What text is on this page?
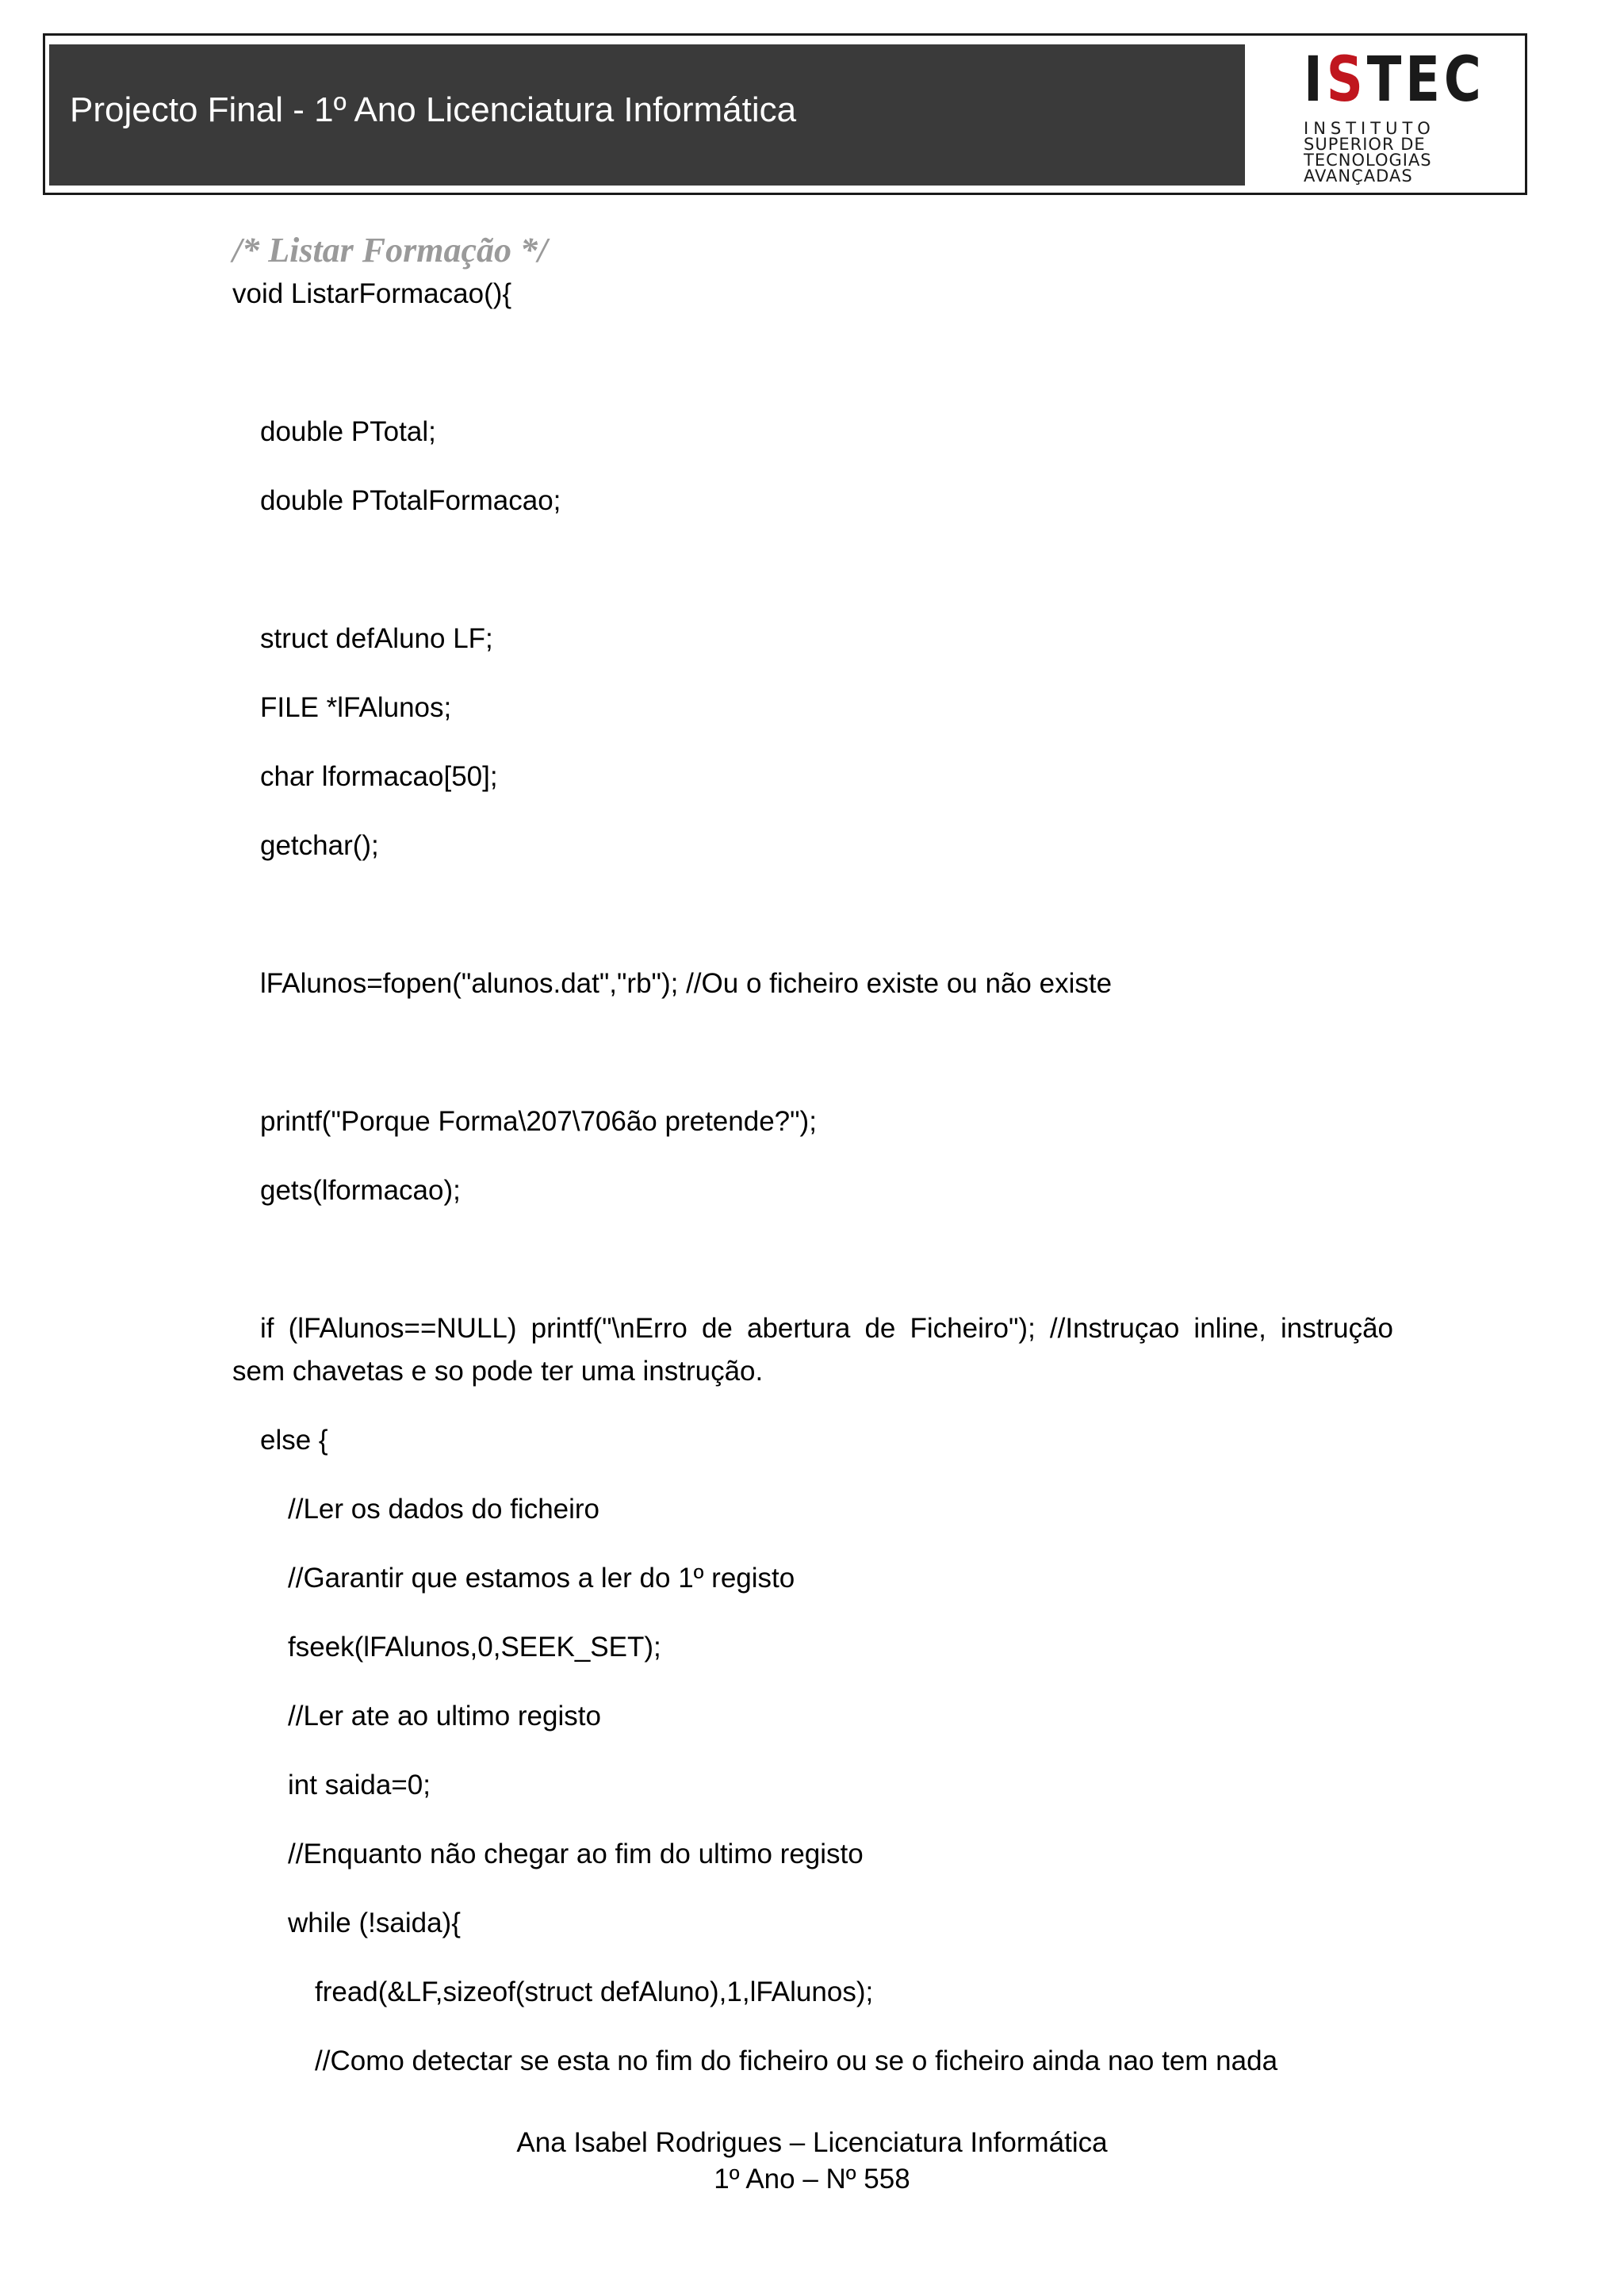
Projecto Final - 1º Ano Licenciatura Informática	ISTEC
INSTITUTO
SUPERIOR DE
TECNOLOGIAS
AVANÇADAS

/* Listar Formação */

void ListarFormacao(){

double PTotal;

double PTotalFormacao;

struct defAluno LF;

FILE *lFAlunos;

char lformacao[50];

getchar();

lFAlunos=fopen("alunos.dat","rb"); //Ou o ficheiro existe ou não existe

printf("Porque Forma\207\706ão pretende?");

gets(lformacao);

if (lFAlunos==NULL) printf("\nErro de abertura de Ficheiro"); //Instruçao inline, instrução sem chavetas e so pode ter uma instrução.

else {

//Ler os dados do ficheiro

//Garantir que estamos a ler do 1º registo

fseek(lFAlunos,0,SEEK_SET);

//Ler ate ao ultimo registo

int saida=0;

//Enquanto não chegar ao fim do ultimo registo

while (!saida){

fread(&LF,sizeof(struct defAluno),1,lFAlunos);

//Como detectar se esta no fim do ficheiro ou se o ficheiro ainda nao tem nada

Ana Isabel Rodrigues – Licenciatura Informática
1º Ano – Nº 558
